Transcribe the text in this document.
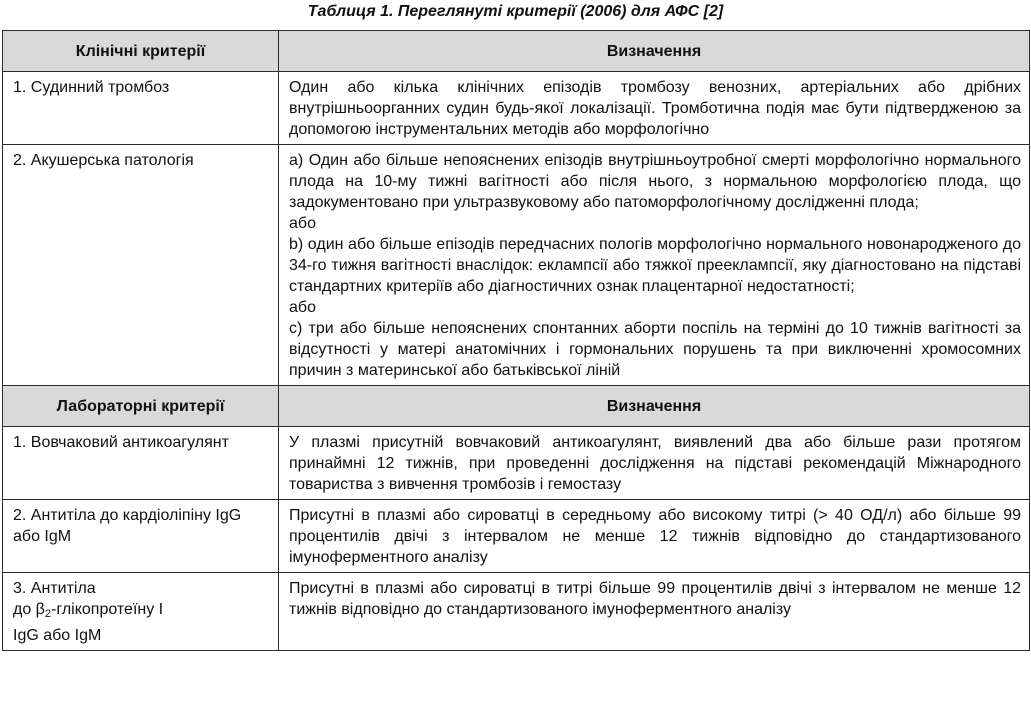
Таблиця 1. Переглянуті критерії (2006) для АФС [2]
Клінічні критерії	Визначення
1. Судинний тромбоз	Один або кілька клінічних епізодів тромбозу венозних, артеріальних або дрібних внутрішньоорганних судин будь-якої локалізації. Тромботична подія має бути підтвердженою за допомогою інструментальних методів або морфологічно
2. Акушерська патологія	a) Один або більше непояснених епізодів внутрішньоутробної смерті морфологічно нормального плода на 10-му тижні вагітності або після нього, з нормальною морфологією плода, що задокументовано при ультразвуковому або патоморфологічному дослідженні плода;
або
b) один або більше епізодів передчасних пологів морфологічно нормального новонародженого до 34-го тижня вагітності внаслідок: еклампсії або тяжкої преeклампсії, яку діагностовано на підставі стандартних критеріїв або діагностичних ознак плацентарної недостатності;
або
c) три або більше непояснених спонтанних аборти поспіль на терміні до 10 тижнів вагітності за відсутності у матері анатомічних і гормональних порушень та при виключенні хромосомних причин з материнської або батьківської ліній

Лабораторні критерії	Визначення
1. Вовчаковий антикоагулянт	У плазмі присутній вовчаковий антикоагулянт, виявлений два або більше рази протягом принаймні 12 тижнів, при проведенні дослідження на підставі рекомендацій Міжнародного товариства з вивчення тромбозів і гемостазу
2. Антитіла до кардіоліпіну IgG або IgM	Присутні в плазмі або сироватці в середньому або високому титрі (> 40 ОД/л) або більше 99 процентилів двічі з інтервалом не менше 12 тижнів відповідно до стандартизованого імуноферментного аналізу

3. Антитіла
до $\beta_2$-глікопротеїну I
IgG або IgM	Присутні в плазмі або сироватці в титрі більше 99 процентилів двічі з інтервалом не менше 12 тижнів відповідно до стандартизованого імуноферментного аналізу
